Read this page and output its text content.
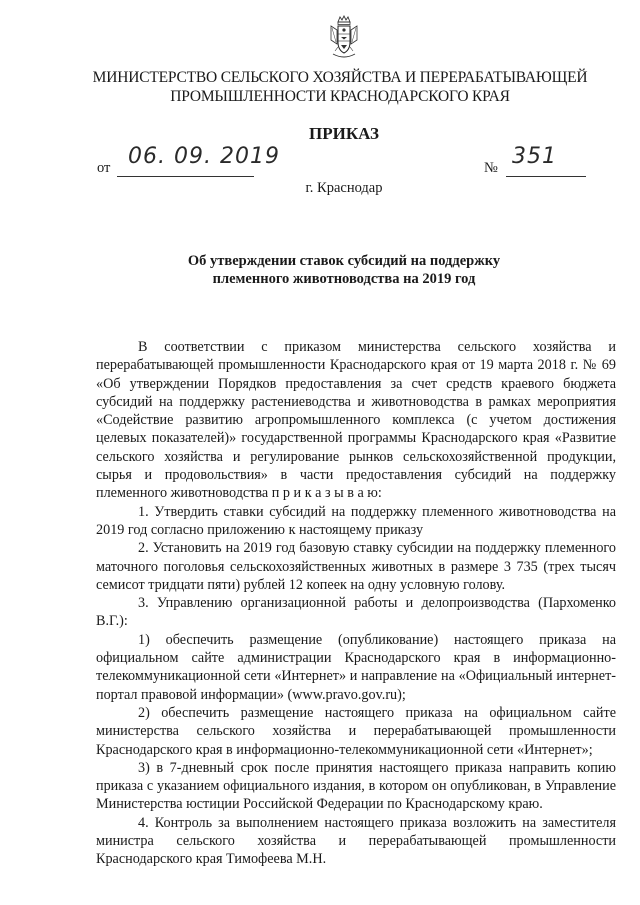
МИНИСТЕРСТВО СЕЛЬСКОГО ХОЗЯЙСТВА И ПЕРЕРАБАТЫВАЮЩЕЙ
ПРОМЫШЛЕННОСТИ КРАСНОДАРСКОГО КРАЯ
ПРИКАЗ
от 06. 09. 2019	№ 351
г. Краснодар
Об утверждении ставок субсидий на поддержку
племенного животноводства на 2019 год

В соответствии с приказом министерства сельского хозяйства и перерабатывающей промышленности Краснодарского края от 19 марта 2018 г. № 69 «Об утверждении Порядков предоставления за счет средств краевого бюджета субсидий на поддержку растениеводства и животноводства в рамках мероприятия «Содействие развитию агропромышленного комплекса (с учетом достижения целевых показателей)» государственной программы Краснодарского края «Развитие сельского хозяйства и регулирование рынков сельскохозяйственной продукции, сырья и продовольствия» в части предоставления субсидий на поддержку племенного животноводства п р и к а з ы в а ю:

1. Утвердить ставки субсидий на поддержку племенного животноводства на 2019 год согласно приложению к настоящему приказу

2. Установить на 2019 год базовую ставку субсидии на поддержку племенного маточного поголовья сельскохозяйственных животных в размере 3 735 (трех тысяч семисот тридцати пяти) рублей 12 копеек на одну условную голову.

3. Управлению организационной работы и делопроизводства (Пархоменко В.Г.):

1) обеспечить размещение (опубликование) настоящего приказа на официальном сайте администрации Краснодарского края в информационно-телекоммуникационной сети «Интернет» и направление на «Официальный интернет-портал правовой информации» (www.pravo.gov.ru);

2) обеспечить размещение настоящего приказа на официальном сайте министерства сельского хозяйства и перерабатывающей промышленности Краснодарского края в информационно-телекоммуникационной сети «Интернет»;

3) в 7-дневный срок после принятия настоящего приказа направить копию приказа с указанием официального издания, в котором он опубликован, в Управление Министерства юстиции Российской Федерации по Краснодарскому краю.

4. Контроль за выполнением настоящего приказа возложить на заместителя министра сельского хозяйства и перерабатывающей промышленности Краснодарского края Тимофеева М.Н.
